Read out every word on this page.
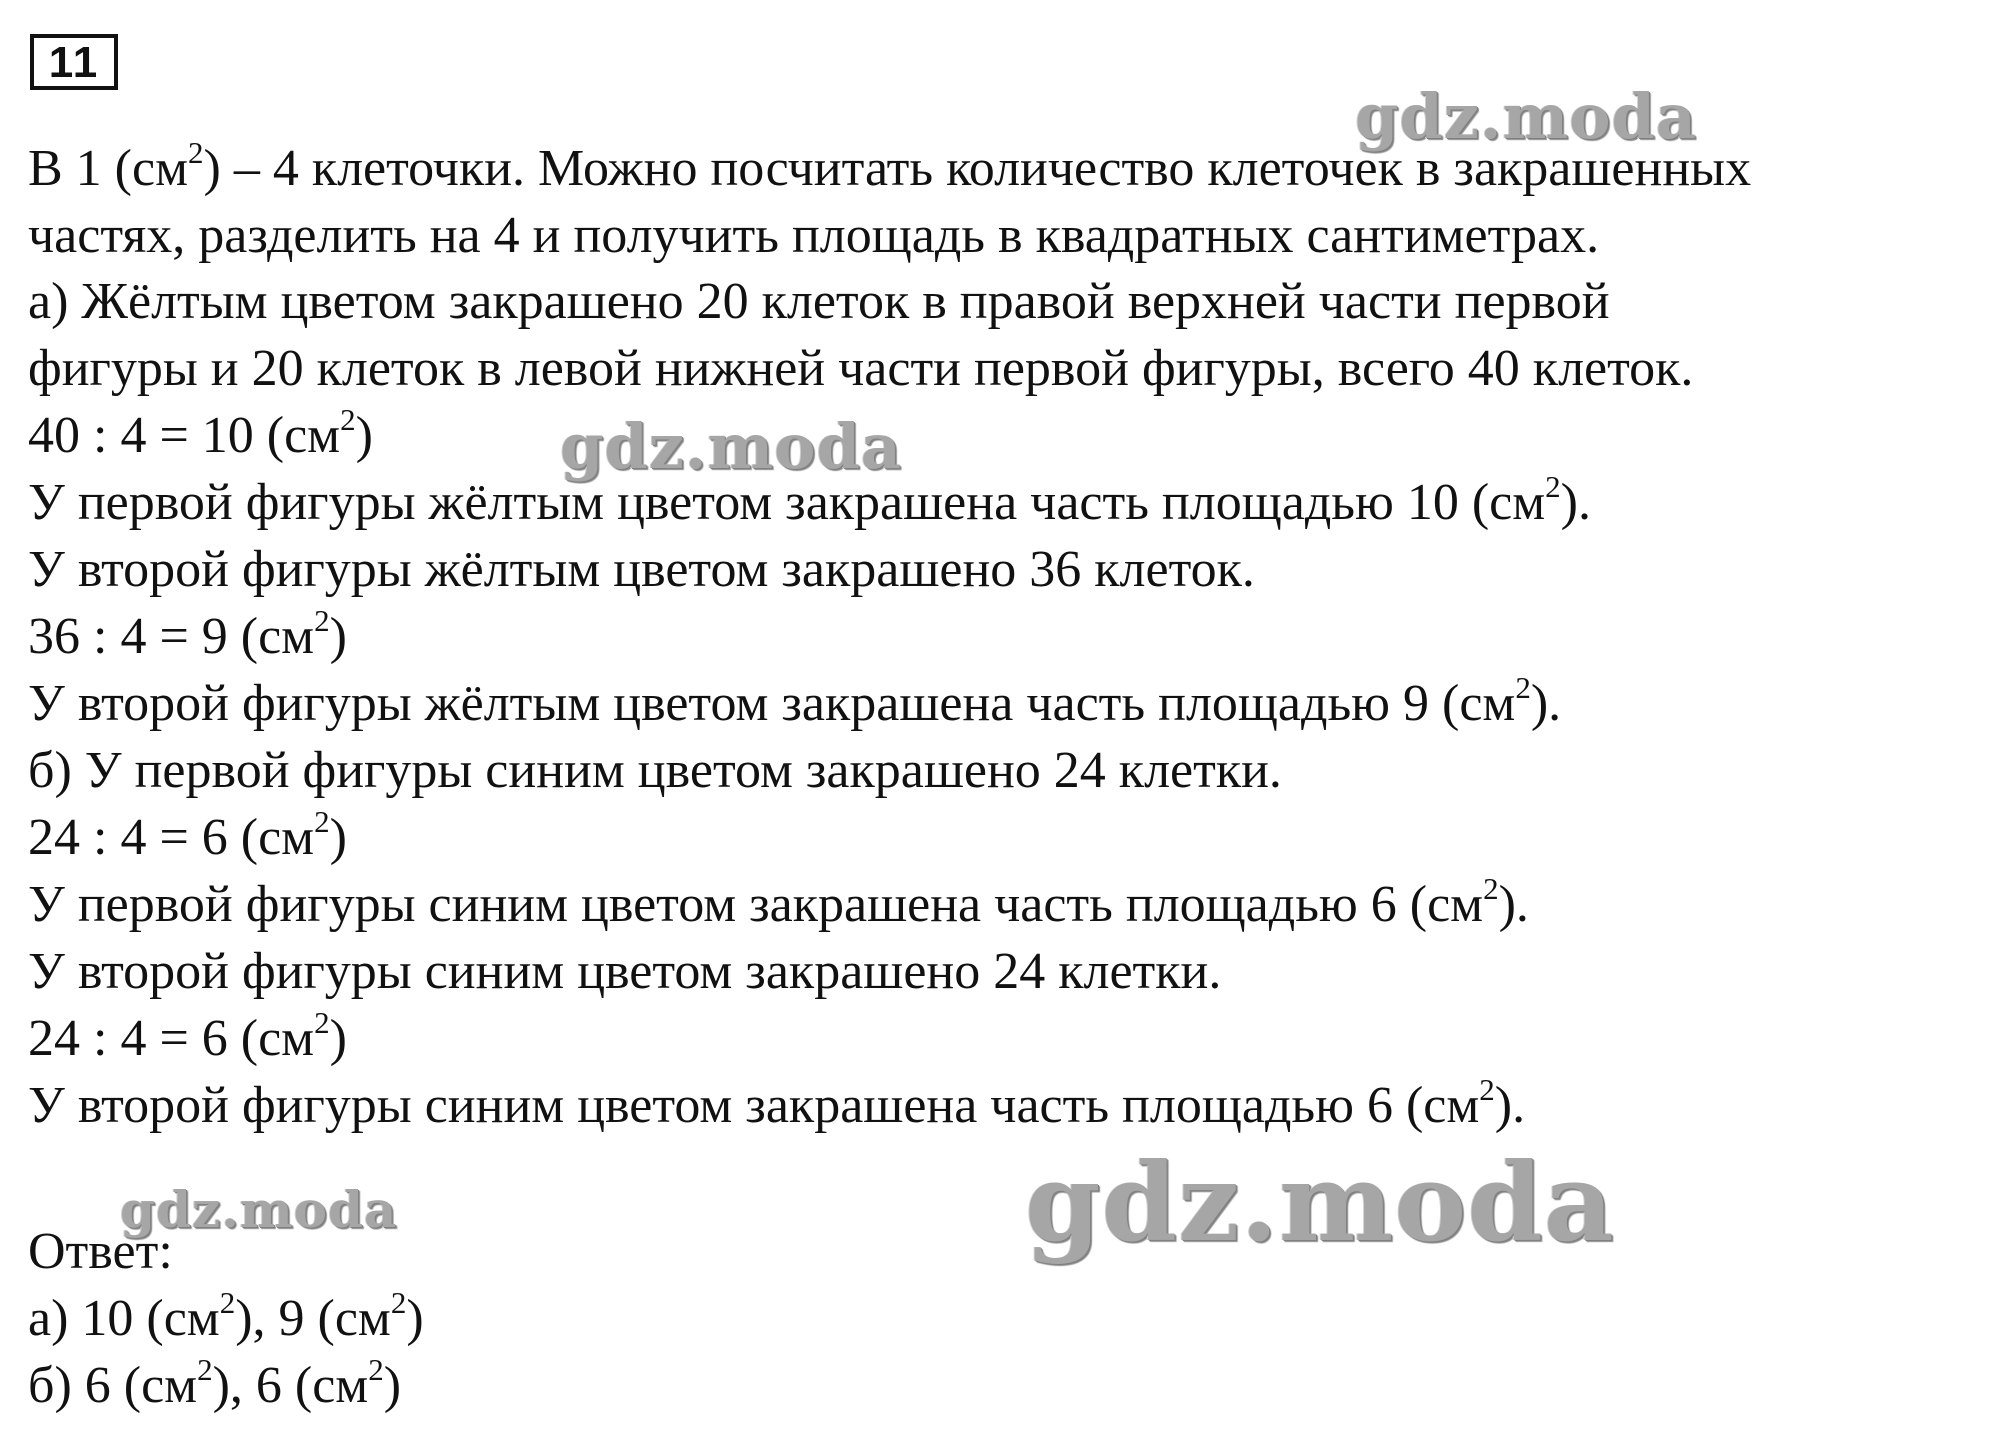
11
В 1 $(см^2) - 4$ клеточки. Можно посчитать количество клеточек в закрашенных
частях, разделить на 4 и получить площадь в квадратных сантиметрах.
а) Жёлтым цветом закрашено 20 клеток в правой верхней части первой
фигуры и 20 клеток в левой нижней части первой фигуры, всего 40 клеток.
40 : 4 = 10 $(см^2)$
У первой фигуры жёлтым цветом закрашена часть площадью 10 $(см^2)$.
У второй фигуры жёлтым цветом закрашено 36 клеток.
36 : 4 = 9 $(см^2)$
У второй фигуры жёлтым цветом закрашена часть площадью 9 $(см^2)$.
б) У первой фигуры синим цветом закрашено 24 клетки.
24 : 4 = 6 $(см^2)$
У первой фигуры синим цветом закрашена часть площадью 6 $(см^2)$.
У второй фигуры синим цветом закрашено 24 клетки.
24 : 4 = 6 $(см^2)$
У второй фигуры синим цветом закрашена часть площадью 6 $(см^2)$.
Ответ:
а) 10 $(см^2)$, 9 $(см^2)$
б) 6 $(см^2)$, 6 $(см^2)$
gdz.moda
gdz.moda
gdz.moda	gdz.moda
